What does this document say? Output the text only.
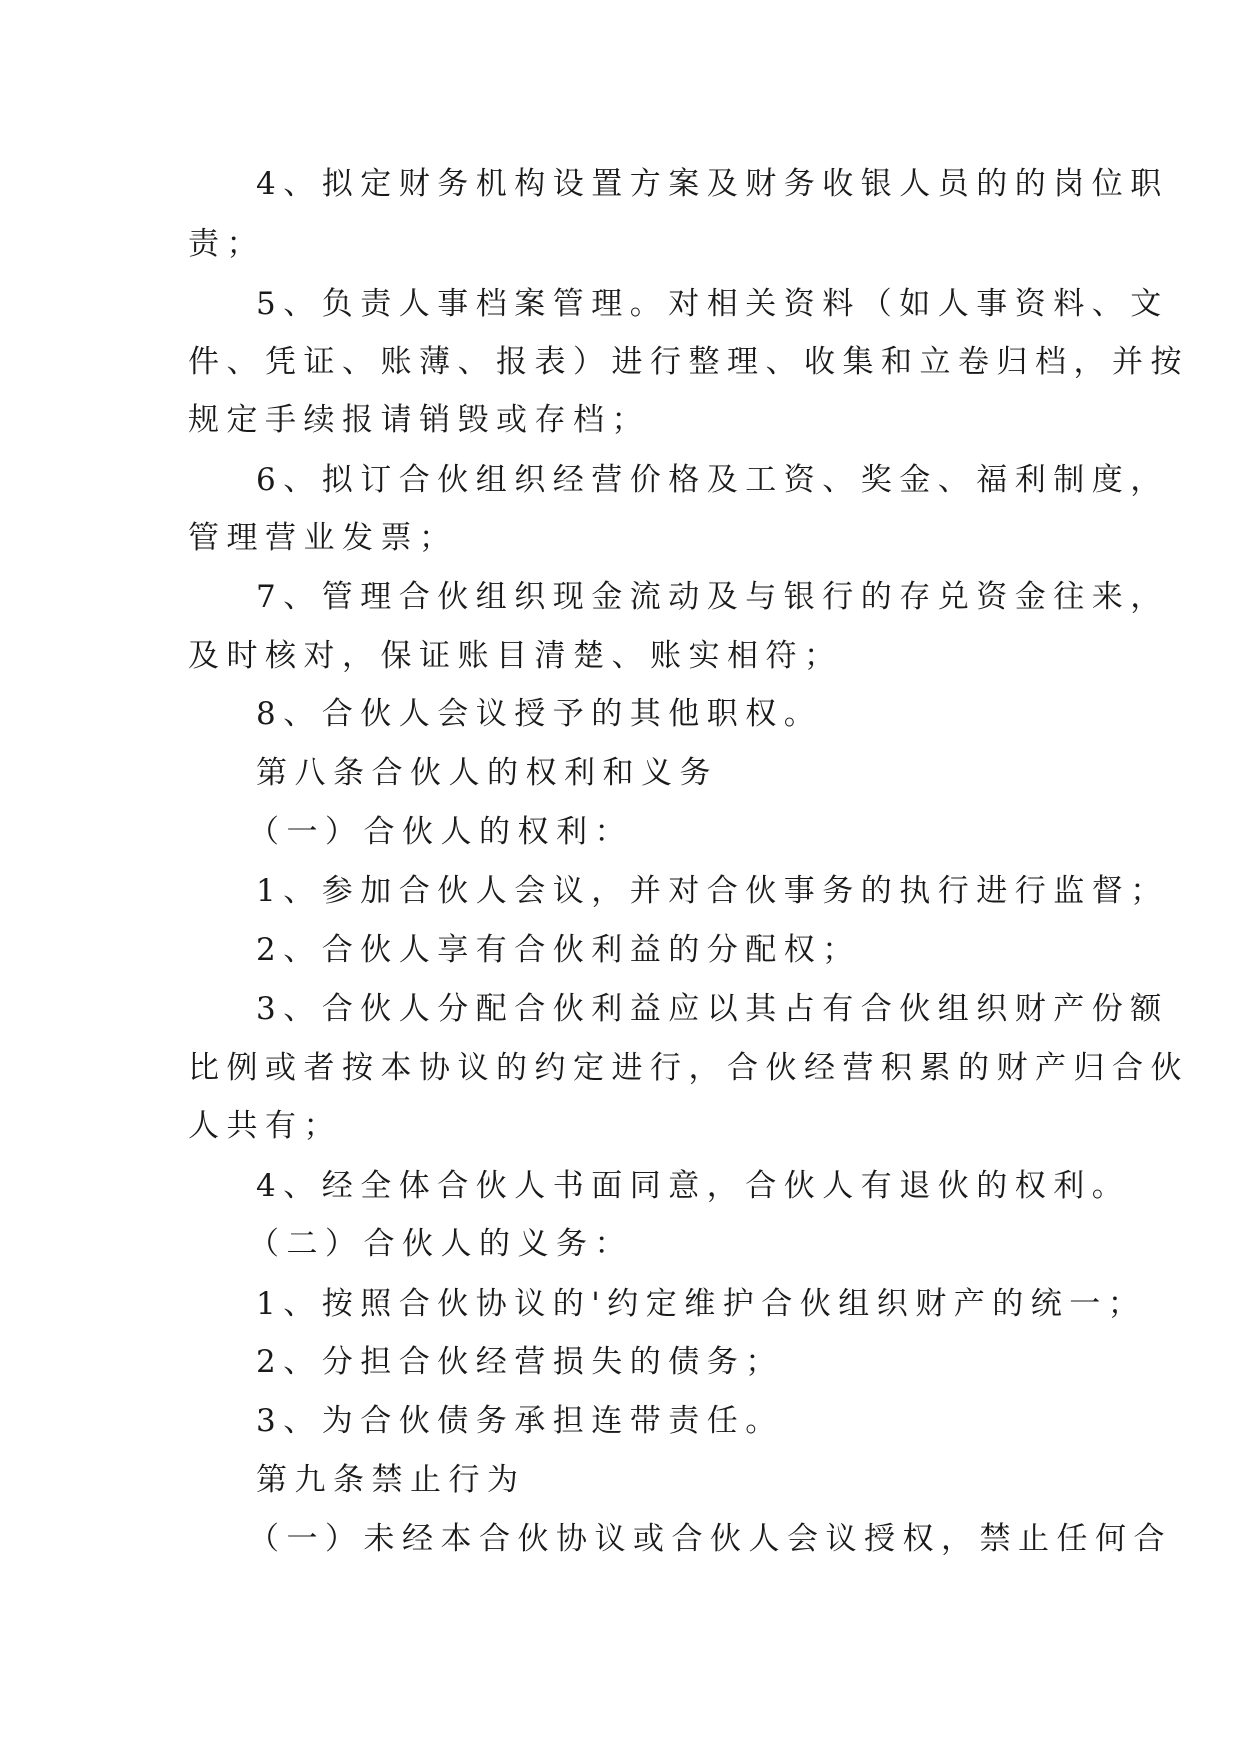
4、拟定财务机构设置方案及财务收银人员的的岗位职
责；
5、负责人事档案管理。对相关资料（如人事资料、文
件、凭证、账薄、报表）进行整理、收集和立卷归档，并按
规定手续报请销毁或存档；
6、拟订合伙组织经营价格及工资、奖金、福利制度，
管理营业发票；
7、管理合伙组织现金流动及与银行的存兑资金往来，
及时核对，保证账目清楚、账实相符；
8、合伙人会议授予的其他职权。
第八条合伙人的权利和义务
（一）合伙人的权利：
1、参加合伙人会议，并对合伙事务的执行进行监督；
2、合伙人享有合伙利益的分配权；
3、合伙人分配合伙利益应以其占有合伙组织财产份额
比例或者按本协议的约定进行，合伙经营积累的财产归合伙
人共有；
4、经全体合伙人书面同意，合伙人有退伙的权利。
（二）合伙人的义务：
1、按照合伙协议的'约定维护合伙组织财产的统一；
2、分担合伙经营损失的债务；
3、为合伙债务承担连带责任。
第九条禁止行为
（一）未经本合伙协议或合伙人会议授权，禁止任何合
